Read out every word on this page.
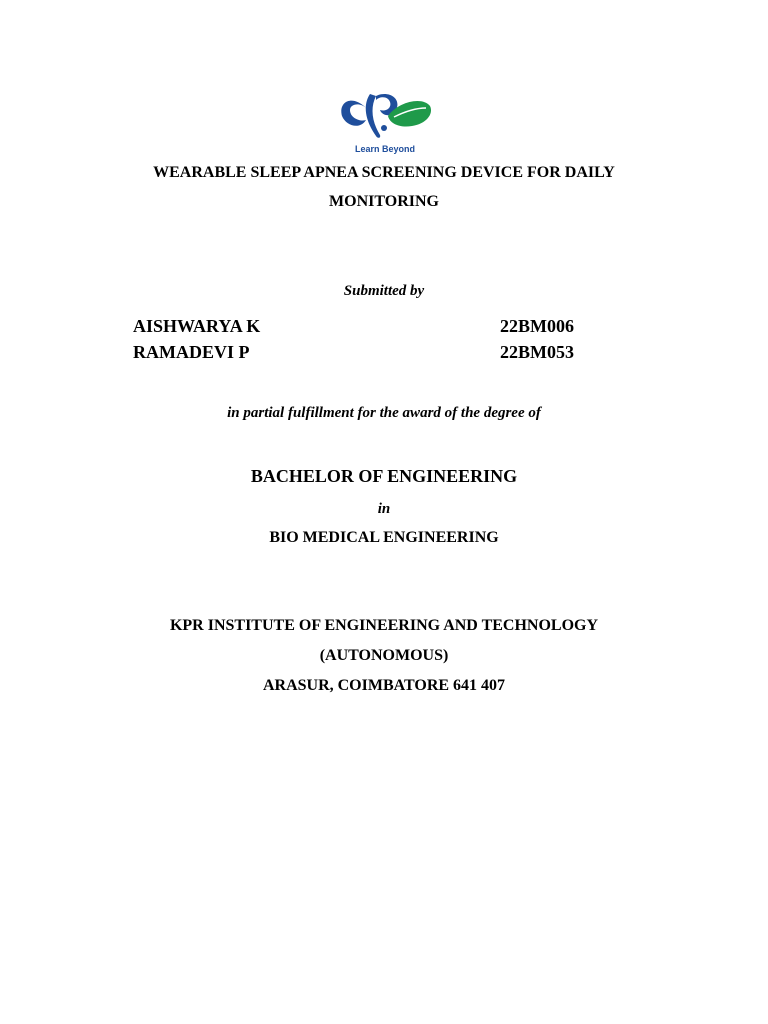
Learn Beyond
WEARABLE SLEEP APNEA SCREENING DEVICE FOR DAILY
MONITORING
Submitted by
AISHWARYA K	22BM006
RAMADEVI P	22BM053
in partial fulfillment for the award of the degree of
BACHELOR OF ENGINEERING
in
BIO MEDICAL ENGINEERING
KPR INSTITUTE OF ENGINEERING AND TECHNOLOGY
(AUTONOMOUS)
ARASUR, COIMBATORE 641 407
